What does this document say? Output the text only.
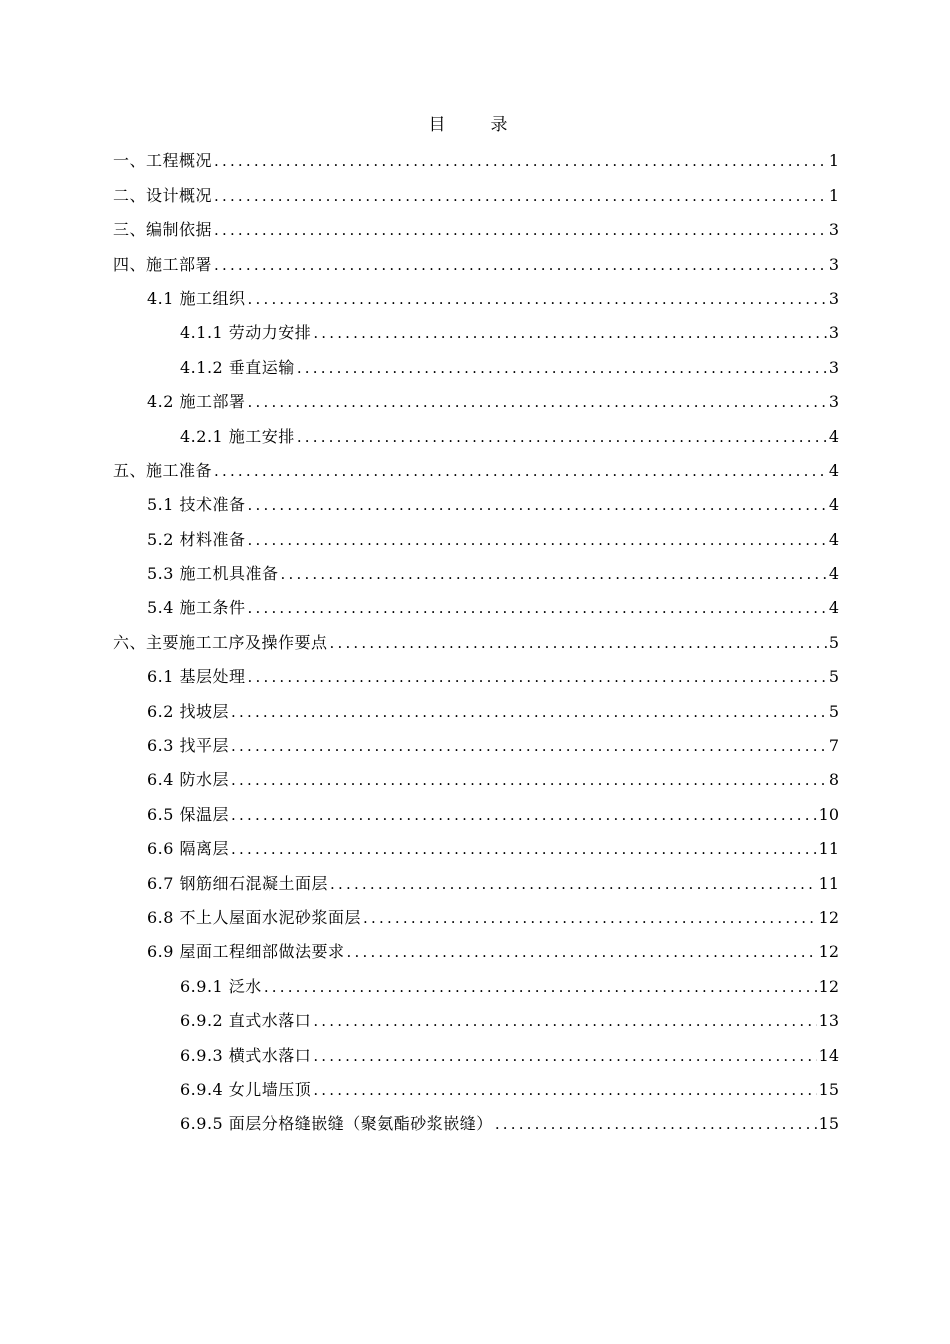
目　录
一、工程概况 .....	1
二、设计概况 .....	1
三、编制依据 .....	3
四、施工部署 .....	3
4.1 施工组织 .....	3
4.1.1 劳动力安排 .....	3
4.1.2 垂直运输 .....	3
4.2 施工部署 .....	3
4.2.1 施工安排 .....	4
五、施工准备 .....	4
5.1 技术准备 .....	4
5.2 材料准备 .....	4
5.3 施工机具准备 .....	4
5.4 施工条件 .....	4
六、主要施工工序及操作要点 .....	5
6.1 基层处理 .....	5
6.2 找坡层 .....	5
6.3 找平层 .....	7
6.4 防水层 .....	8
6.5 保温层 .....	10
6.6 隔离层 .....	11
6.7 钢筋细石混凝土面层 .....	11
6.8 不上人屋面水泥砂浆面层 .....	12
6.9 屋面工程细部做法要求 .....	12
6.9.1 泛水 .....	12
6.9.2 直式水落口 .....	13
6.9.3 横式水落口 .....	14
6.9.4 女儿墙压顶 .....	15
6.9.5 面层分格缝嵌缝（聚氨酯砂浆嵌缝） .....	15
